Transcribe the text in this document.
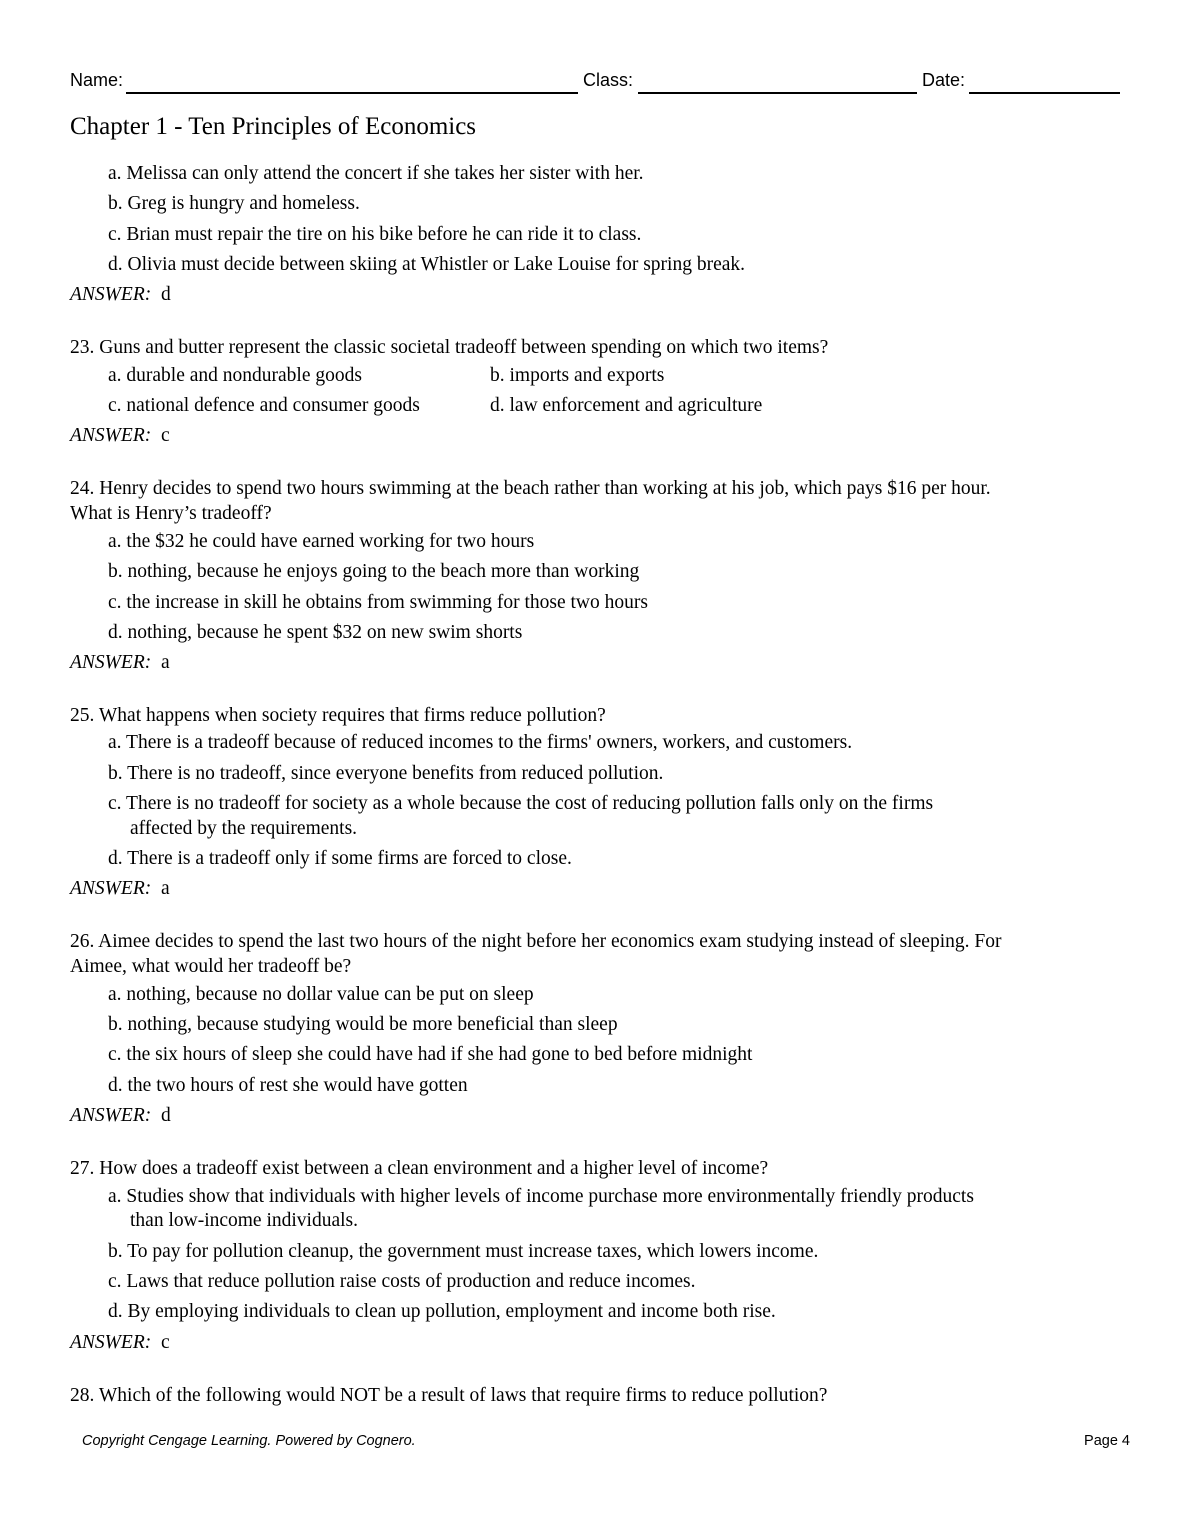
Name:	Class:	Date:
Chapter 1 - Ten Principles of Economics
a. Melissa can only attend the concert if she takes her sister with her.
b. Greg is hungry and homeless.
c. Brian must repair the tire on his bike before he can ride it to class.
d. Olivia must decide between skiing at Whistler or Lake Louise for spring break.
ANSWER: d
23. Guns and butter represent the classic societal tradeoff between spending on which two items?
a. durable and nondurable goods	b. imports and exports
c. national defence and consumer goods	d. law enforcement and agriculture
ANSWER: c
24. Henry decides to spend two hours swimming at the beach rather than working at his job, which pays $16 per hour.
What is Henry’s tradeoff?
a. the $32 he could have earned working for two hours
b. nothing, because he enjoys going to the beach more than working
c. the increase in skill he obtains from swimming for those two hours
d. nothing, because he spent $32 on new swim shorts
ANSWER: a
25. What happens when society requires that firms reduce pollution?
a. There is a tradeoff because of reduced incomes to the firms' owners, workers, and customers.
b. There is no tradeoff, since everyone benefits from reduced pollution.
c. There is no tradeoff for society as a whole because the cost of reducing pollution falls only on the firms
affected by the requirements.
d. There is a tradeoff only if some firms are forced to close.
ANSWER: a
26. Aimee decides to spend the last two hours of the night before her economics exam studying instead of sleeping. For
Aimee, what would her tradeoff be?
a. nothing, because no dollar value can be put on sleep
b. nothing, because studying would be more beneficial than sleep
c. the six hours of sleep she could have had if she had gone to bed before midnight
d. the two hours of rest she would have gotten
ANSWER: d
27. How does a tradeoff exist between a clean environment and a higher level of income?
a. Studies show that individuals with higher levels of income purchase more environmentally friendly products
than low-income individuals.
b. To pay for pollution cleanup, the government must increase taxes, which lowers income.
c. Laws that reduce pollution raise costs of production and reduce incomes.
d. By employing individuals to clean up pollution, employment and income both rise.
ANSWER: c
28. Which of the following would NOT be a result of laws that require firms to reduce pollution?
Copyright Cengage Learning. Powered by Cognero.	Page 4
